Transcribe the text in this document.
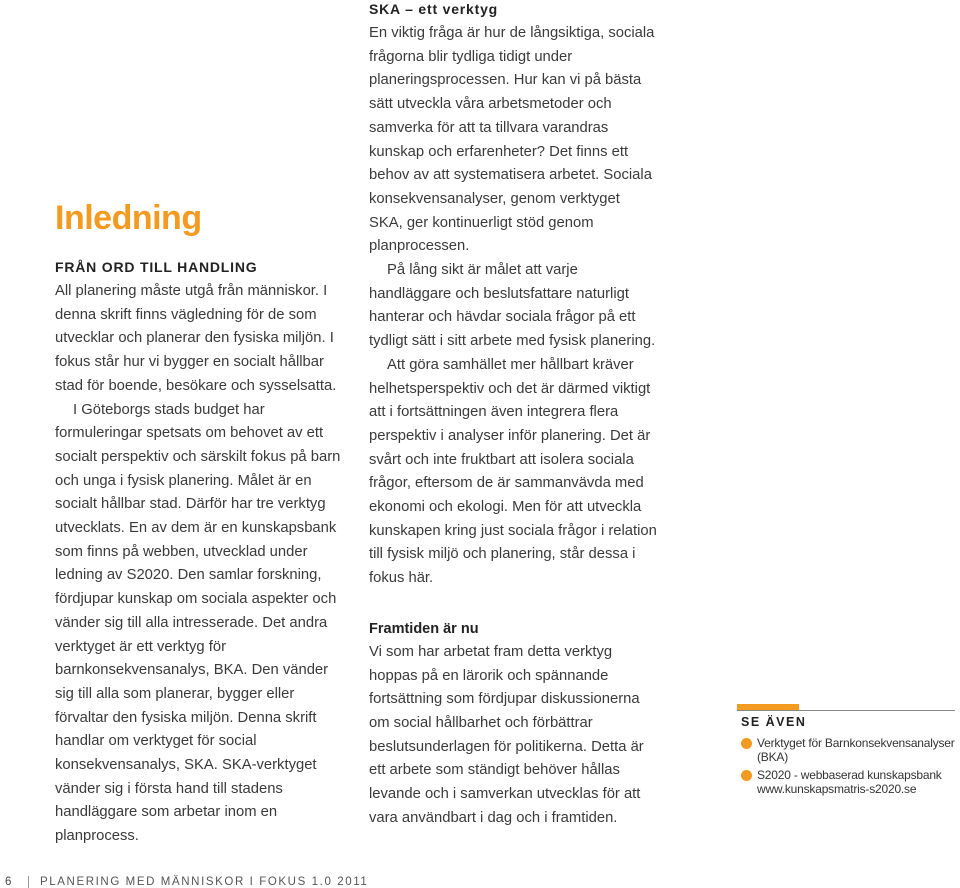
Inledning
FRÅN ORD TILL HANDLING

All planering måste utgå från människor. I denna skrift finns vägledning för de som utvecklar och planerar den fysiska miljön. I fokus står hur vi bygger en socialt hållbar stad för boende, besökare och sysselsatta.

I Göteborgs stads budget har formuleringar spetsats om behovet av ett socialt perspektiv och särskilt fokus på barn och unga i fysisk planering. Målet är en socialt hållbar stad. Därför har tre verktyg utvecklats. En av dem är en kunskapsbank som finns på webben, utvecklad under ledning av S2020. Den samlar forskning, fördjupar kunskap om sociala aspekter och vänder sig till alla intresserade. Det andra verktyget är ett verktyg för barnkonsekvensanalys, BKA. Den vänder sig till alla som planerar, bygger eller förvaltar den fysiska miljön. Denna skrift handlar om verktyget för social konsekvensanalys, SKA. SKA-verktyget vänder sig i första hand till stadens handläggare som arbetar inom en planprocess.

SKA – ett verktyg

En viktig fråga är hur de långsiktiga, sociala frågorna blir tydliga tidigt under planeringsprocessen. Hur kan vi på bästa sätt utveckla våra arbetsmetoder och samverka för att ta tillvara varandras kunskap och erfarenheter? Det finns ett behov av att systematisera arbetet. Sociala konsekvensanalyser, genom verktyget SKA, ger kontinuerligt stöd genom planprocessen.

På lång sikt är målet att varje handläggare och beslutsfattare naturligt hanterar och hävdar sociala frågor på ett tydligt sätt i sitt arbete med fysisk planering.

Att göra samhället mer hållbart kräver helhetsperspektiv och det är därmed viktigt att i fortsättningen även integrera flera perspektiv i analyser inför planering. Det är svårt och inte fruktbart att isolera sociala frågor, eftersom de är sammanvävda med ekonomi och ekologi. Men för att utveckla kunskapen kring just sociala frågor i relation till fysisk miljö och planering, står dessa i fokus här.

Framtiden är nu

Vi som har arbetat fram detta verktyg hoppas på en lärorik och spännande fortsättning som fördjupar diskussionerna om social hållbarhet och förbättrar beslutsunderlagen för politikerna. Detta är ett arbete som ständigt behöver hållas levande och i samverkan utvecklas för att vara användbart i dag och i framtiden.

SE ÄVEN
Verktyget för Barnkonsekvensanalyser (BKA)
S2020 - webbaserad kunskapsbank www.kunskapsmatris-s2020.se
6 PLANERING MED MÄNNISKOR I FOKUS 1.0 2011
